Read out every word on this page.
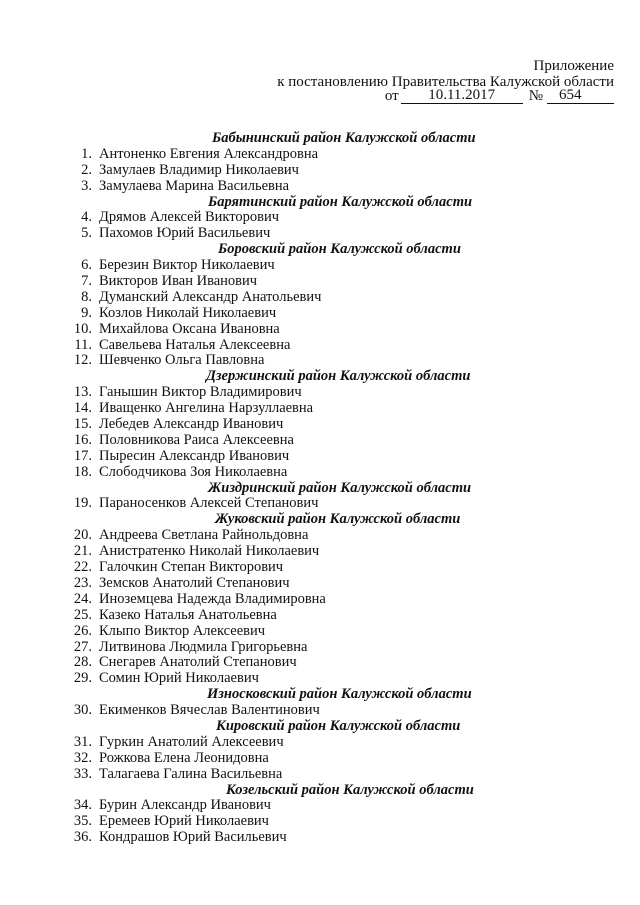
Приложение
к постановлению Правительства Калужской области
от	10.11.2017	№	654
Бабынинский район Калужской области
1. Антоненко Евгения Александровна
2. Замулаев Владимир Николаевич
3. Замулаева Марина Васильевна
Барятинский район Калужской области
4. Дрямов Алексей Викторович
5. Пахомов Юрий Васильевич
Боровский район Калужской области
6. Березин Виктор Николаевич
7. Викторов Иван Иванович
8. Думанский Александр Анатольевич
9. Козлов Николай Николаевич
10. Михайлова Оксана Ивановна
11. Савельева Наталья Алексеевна
12. Шевченко Ольга Павловна
Дзержинский район Калужской области
13. Ганышин Виктор Владимирович
14. Иващенко Ангелина Нарзуллаевна
15. Лебедев Александр Иванович
16. Половникова Раиса Алексеевна
17. Пыресин Александр Иванович
18. Слободчикова Зоя Николаевна
Жиздринский район Калужской области
19. Параносенков Алексей Степанович
Жуковский район Калужской области
20. Андреева Светлана Райнольдовна
21. Анистратенко Николай Николаевич
22. Галочкин Степан Викторович
23. Земсков Анатолий Степанович
24. Иноземцева Надежда Владимировна
25. Казеко Наталья Анатольевна
26. Клыпо Виктор Алексеевич
27. Литвинова Людмила Григорьевна
28. Снегарев Анатолий Степанович
29. Сомин Юрий Николаевич
Износковский район Калужской области
30. Екименков Вячеслав Валентинович
Кировский район Калужской области
31. Гуркин Анатолий Алексеевич
32. Рожкова Елена Леонидовна
33. Талагаева Галина Васильевна
Козельский район Калужской области
34. Бурин Александр Иванович
35. Еремеев Юрий Николаевич
36. Кондрашов Юрий Васильевич
